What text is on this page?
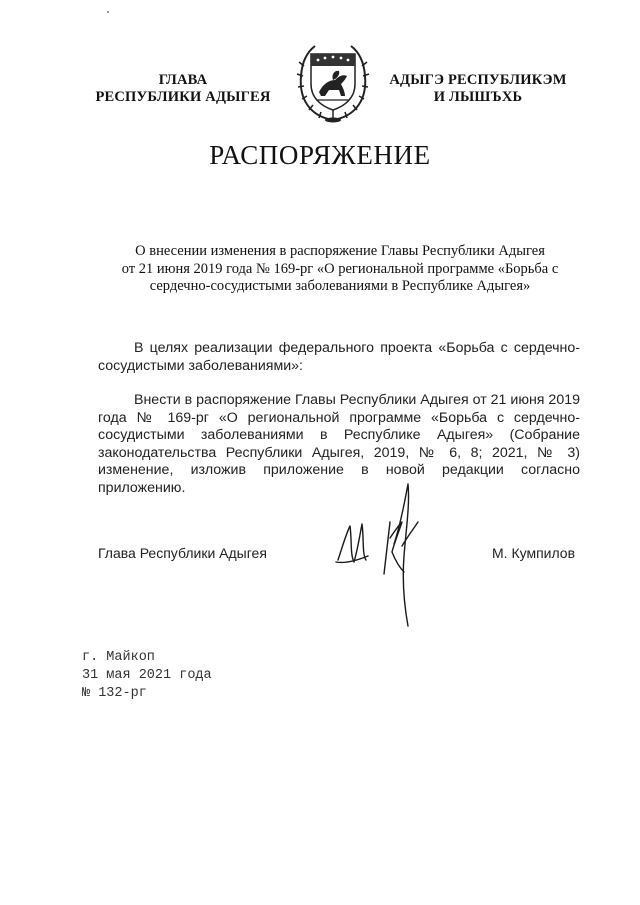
ГЛАВА
РЕСПУБЛИКИ АДЫГЕЯ
АДЫГЭ РЕСПУБЛИКЭМ
И ЛЫШЪХЬ
РАСПОРЯЖЕНИЕ
О внесении изменения в распоряжение Главы Республики Адыгея
от 21 июня 2019 года № 169-рг «О региональной программе «Борьба с
сердечно-сосудистыми заболеваниями в Республике Адыгея»
В целях реализации федерального проекта «Борьба с сердечно-сосудистыми заболеваниями»:
Внести в распоряжение Главы Республики Адыгея от 21 июня 2019 года № 169-рг «О региональной программе «Борьба с сердечно-сосудистыми заболеваниями в Республике Адыгея» (Собрание законодательства Республики Адыгея, 2019, № 6, 8; 2021, № 3) изменение, изложив приложение в новой редакции согласно приложению.
Глава Республики Адыгея	М. Кумпилов
г. Майкоп
31 мая 2021 года
№ 132-рг
